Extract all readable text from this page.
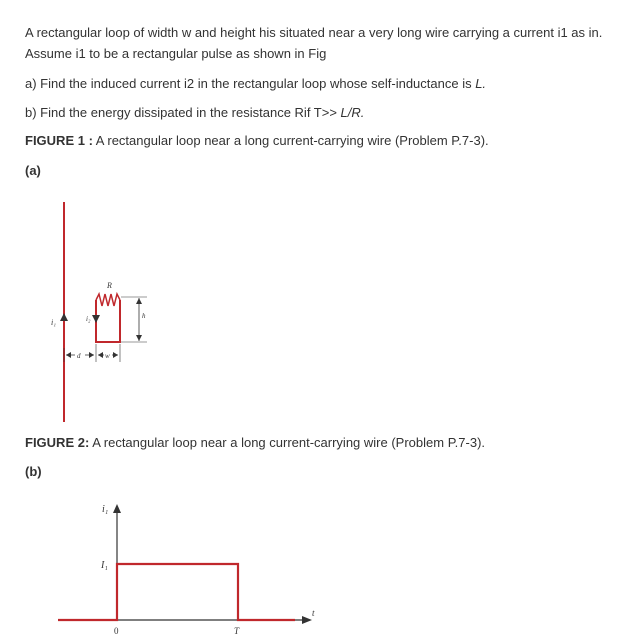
A rectangular loop of width w and height his situated near a very long wire carrying a current i1 as in. Assume i1 to be a rectangular pulse as shown in Fig

a) Find the induced current i2 in the rectangular loop whose self-inductance is L.

b) Find the energy dissipated in the resistance Rif T>> L/R.

FIGURE 1 : A rectangular loop near a long current-carrying wire (Problem P.7-3).

(a)

i₁
R
i₂	h
d	w

FIGURE 2: A rectangular loop near a long current-carrying wire (Problem P.7-3).

(b)

i₁
t
I₁
0	T
